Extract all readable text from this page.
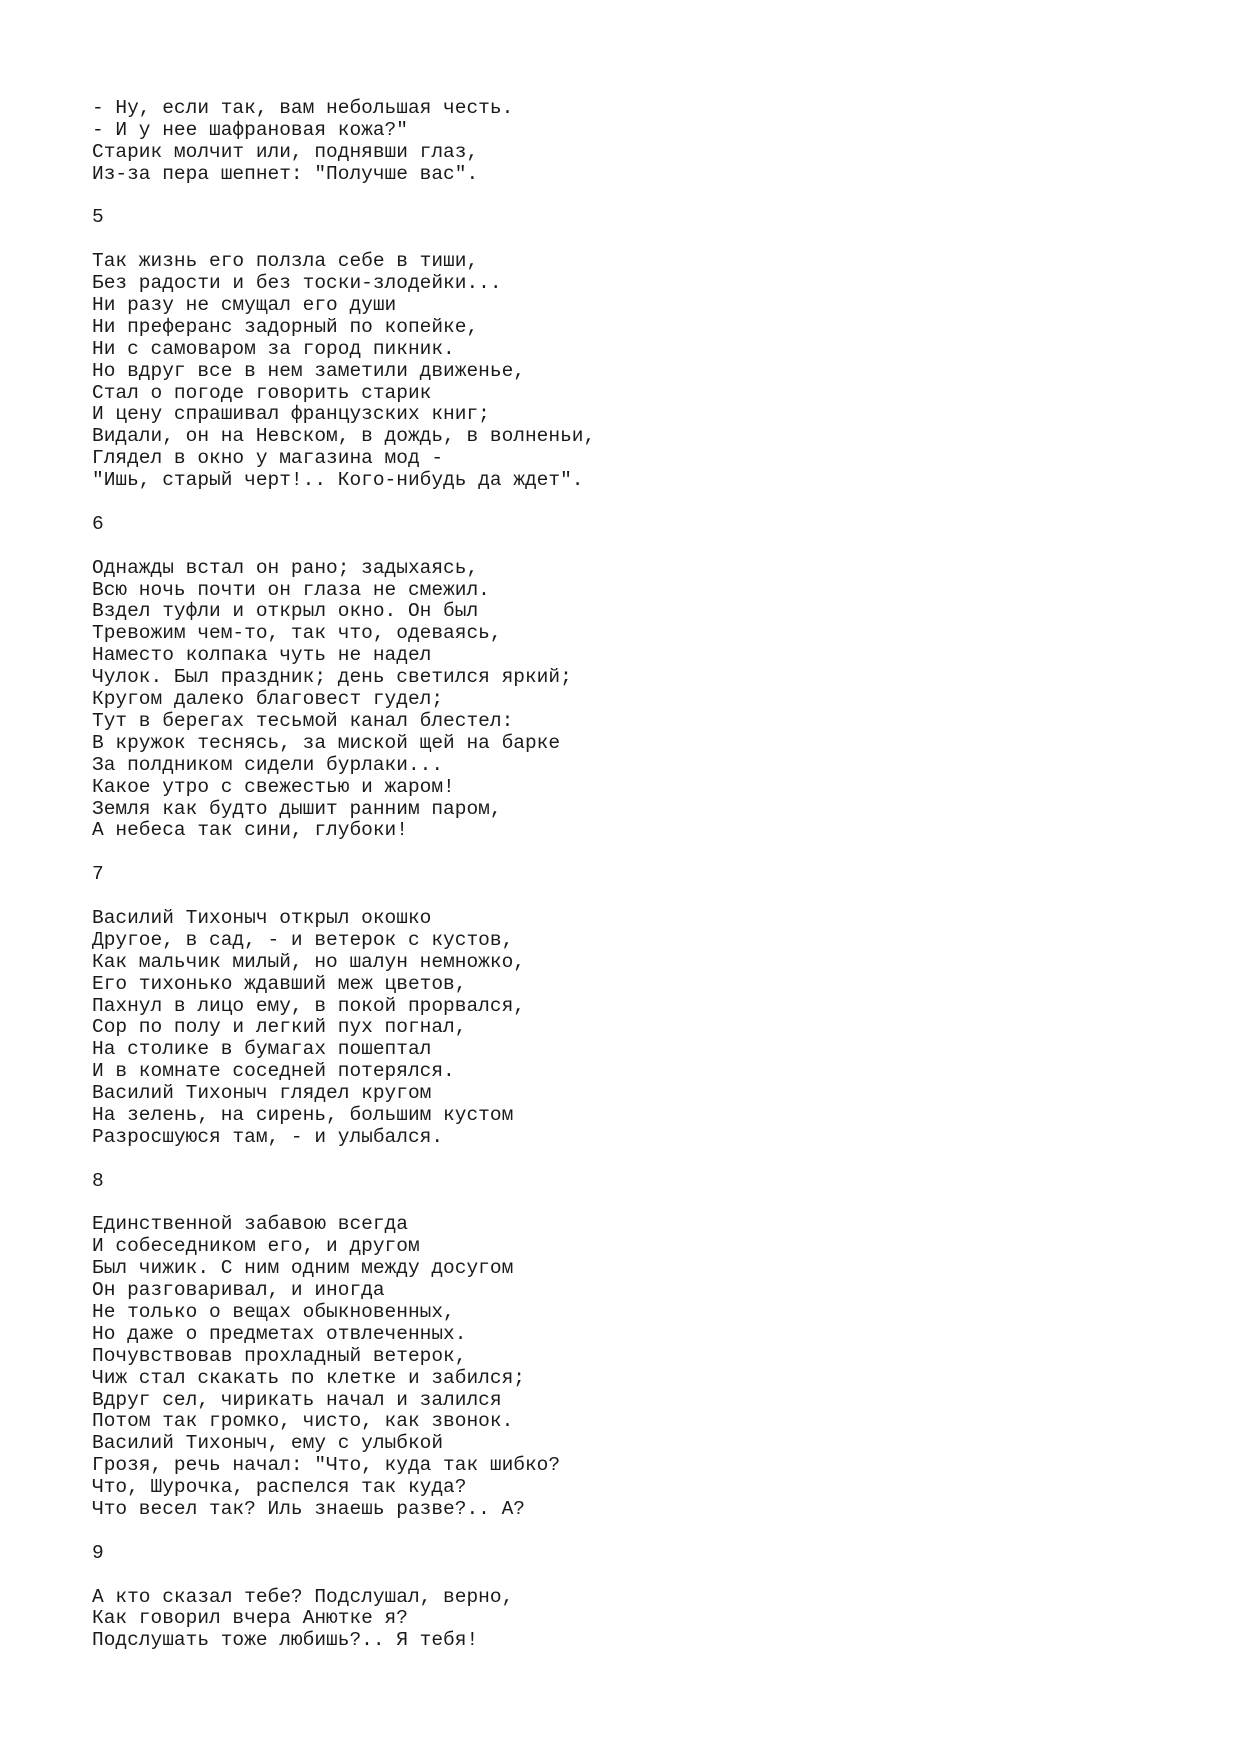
- Ну, если так, вам небольшая честь.
- И у нее шафрановая кожа?"
Старик молчит или, поднявши глаз,
Из-за пера шепнет: "Получше вас".
5
Так жизнь его ползла себе в тиши,
Без радости и без тоски-злодейки...
Ни разу не смущал его души
Ни преферанс задорный по копейке,
Ни с самоваром за город пикник.
Но вдруг все в нем заметили движенье,
Стал о погоде говорить старик
И цену спрашивал французских книг;
Видали, он на Невском, в дождь, в волненьи,
Глядел в окно у магазина мод -
"Ишь, старый черт!.. Кого-нибудь да ждет".
6
Однажды встал он рано; задыхаясь,
Всю ночь почти он глаза не смежил.
Вздел туфли и открыл окно. Он был
Тревожим чем-то, так что, одеваясь,
Наместо колпака чуть не надел
Чулок. Был праздник; день светился яркий;
Кругом далеко благовест гудел;
Тут в берегах тесьмой канал блестел:
В кружок теснясь, за миской щей на барке
За полдником сидели бурлаки...
Какое утро с свежестью и жаром!
Земля как будто дышит ранним паром,
А небеса так сини, глубоки!
7
Василий Тихоныч открыл окошко
Другое, в сад, - и ветерок с кустов,
Как мальчик милый, но шалун немножко,
Его тихонько ждавший меж цветов,
Пахнул в лицо ему, в покой прорвался,
Сор по полу и легкий пух погнал,
На столике в бумагах пошептал
И в комнате соседней потерялся.
Василий Тихоныч глядел кругом
На зелень, на сирень, большим кустом
Разросшуюся там, - и улыбался.
8
Единственной забавою всегда
И собеседником его, и другом
Был чижик. С ним одним между досугом
Он разговаривал, и иногда
Не только о вещах обыкновенных,
Но даже о предметах отвлеченных.
Почувствовав прохладный ветерок,
Чиж стал скакать по клетке и забился;
Вдруг сел, чирикать начал и залился
Потом так громко, чисто, как звонок.
Василий Тихоныч, ему с улыбкой
Грозя, речь начал: "Что, куда так шибко?
Что, Шурочка, распелся так куда?
Что весел так? Иль знаешь разве?.. А?
9
А кто сказал тебе? Подслушал, верно,
Как говорил вчера Анютке я?
Подслушать тоже любишь?.. Я тебя!
